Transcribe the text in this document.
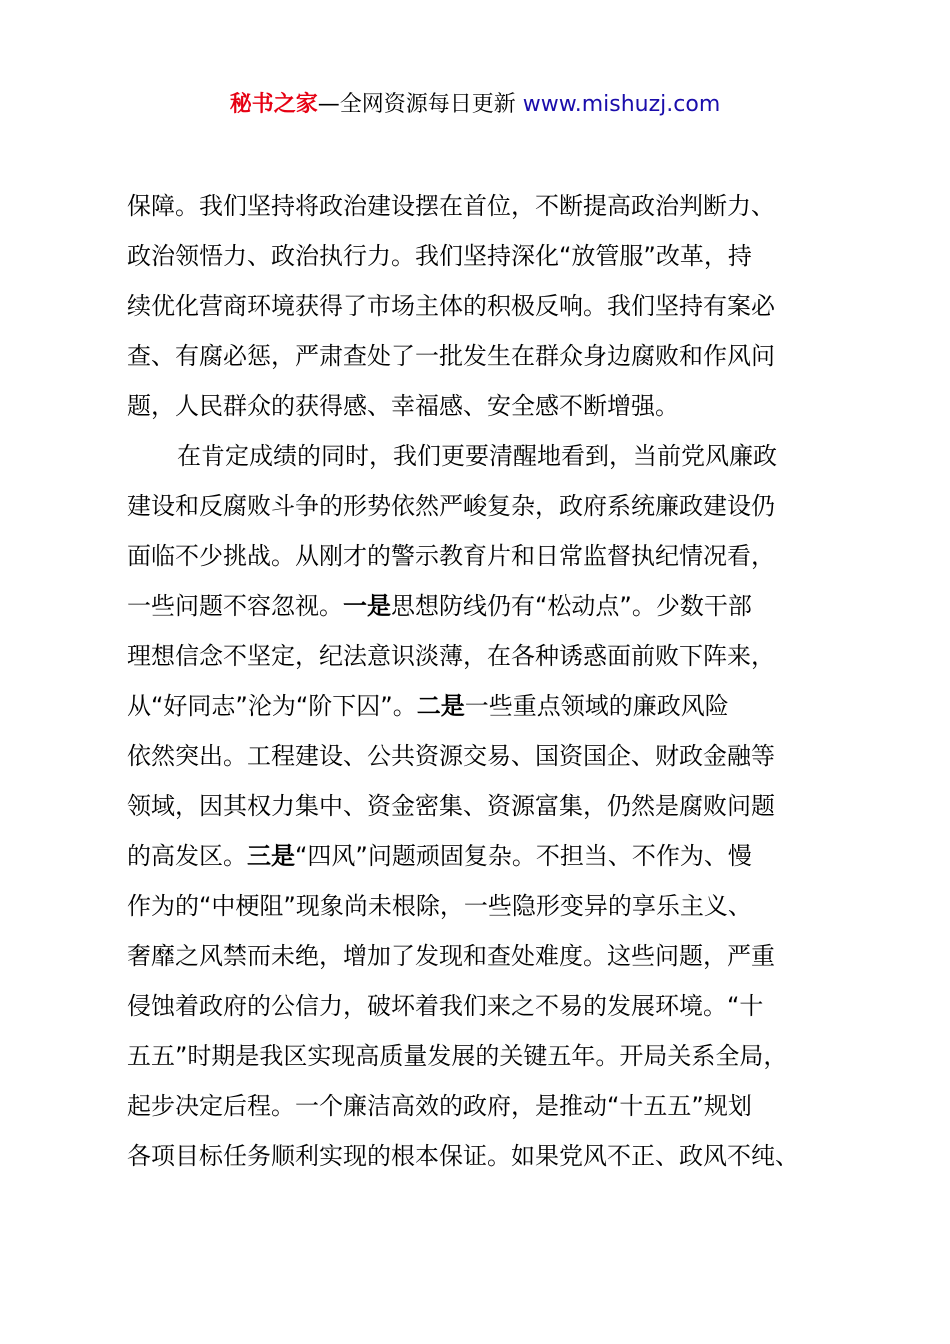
秘书之家—全网资源每日更新 www.mishuzj.com
保障。我们坚持将政治建设摆在首位，不断提高政治判断力、
政治领悟力、政治执行力。我们坚持深化“放管服”改革，持
续优化营商环境获得了市场主体的积极反响。我们坚持有案必
查、有腐必惩，严肃查处了一批发生在群众身边腐败和作风问
题，人民群众的获得感、幸福感、安全感不断增强。
在肯定成绩的同时，我们更要清醒地看到，当前党风廉政
建设和反腐败斗争的形势依然严峻复杂，政府系统廉政建设仍
面临不少挑战。从刚才的警示教育片和日常监督执纪情况看，
一些问题不容忽视。一是思想防线仍有“松动点”。少数干部
理想信念不坚定，纪法意识淡薄，在各种诱惑面前败下阵来，
从“好同志”沦为“阶下囚”。二是一些重点领域的廉政风险
依然突出。工程建设、公共资源交易、国资国企、财政金融等
领域，因其权力集中、资金密集、资源富集，仍然是腐败问题
的高发区。三是“四风”问题顽固复杂。不担当、不作为、慢
作为的“中梗阻”现象尚未根除，一些隐形变异的享乐主义、
奢靡之风禁而未绝，增加了发现和查处难度。这些问题，严重
侵蚀着政府的公信力，破坏着我们来之不易的发展环境。“十
五五”时期是我区实现高质量发展的关键五年。开局关系全局，
起步决定后程。一个廉洁高效的政府，是推动“十五五”规划
各项目标任务顺利实现的根本保证。如果党风不正、政风不纯、
